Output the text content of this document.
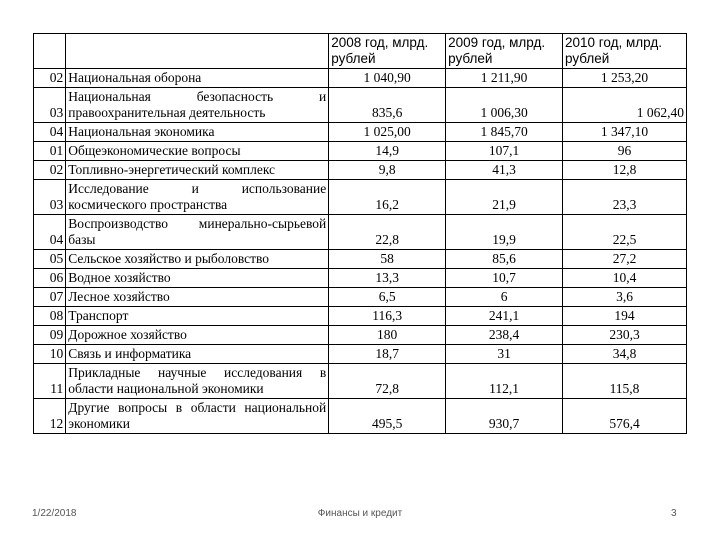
		2008 год, млрд. рублей	2009 год, млрд. рублей	2010 год, млрд. рублей
02	Национальная оборона	1 040,90	1 211,90	1 253,20
03	Национальная безопасность и правоохранительная деятельность	835,6	1 006,30	1 062,40
04	Национальная экономика	1 025,00	1 845,70	1 347,10
01	Общеэкономические вопросы	14,9	107,1	96
02	Топливно-энергетический комплекс	9,8	41,3	12,8
03	Исследование и использование космического пространства	16,2	21,9	23,3
04	Воспроизводство минерально-сырьевой базы	22,8	19,9	22,5
05	Сельское хозяйство и рыболовство	58	85,6	27,2
06	Водное хозяйство	13,3	10,7	10,4
07	Лесное хозяйство	6,5	6	3,6
08	Транспорт	116,3	241,1	194
09	Дорожное хозяйство	180	238,4	230,3
10	Связь и информатика	18,7	31	34,8
11	Прикладные научные исследования в области национальной экономики	72,8	112,1	115,8
12	Другие вопросы в области национальной экономики	495,5	930,7	576,4
1/22/2018	Финансы и кредит	3
